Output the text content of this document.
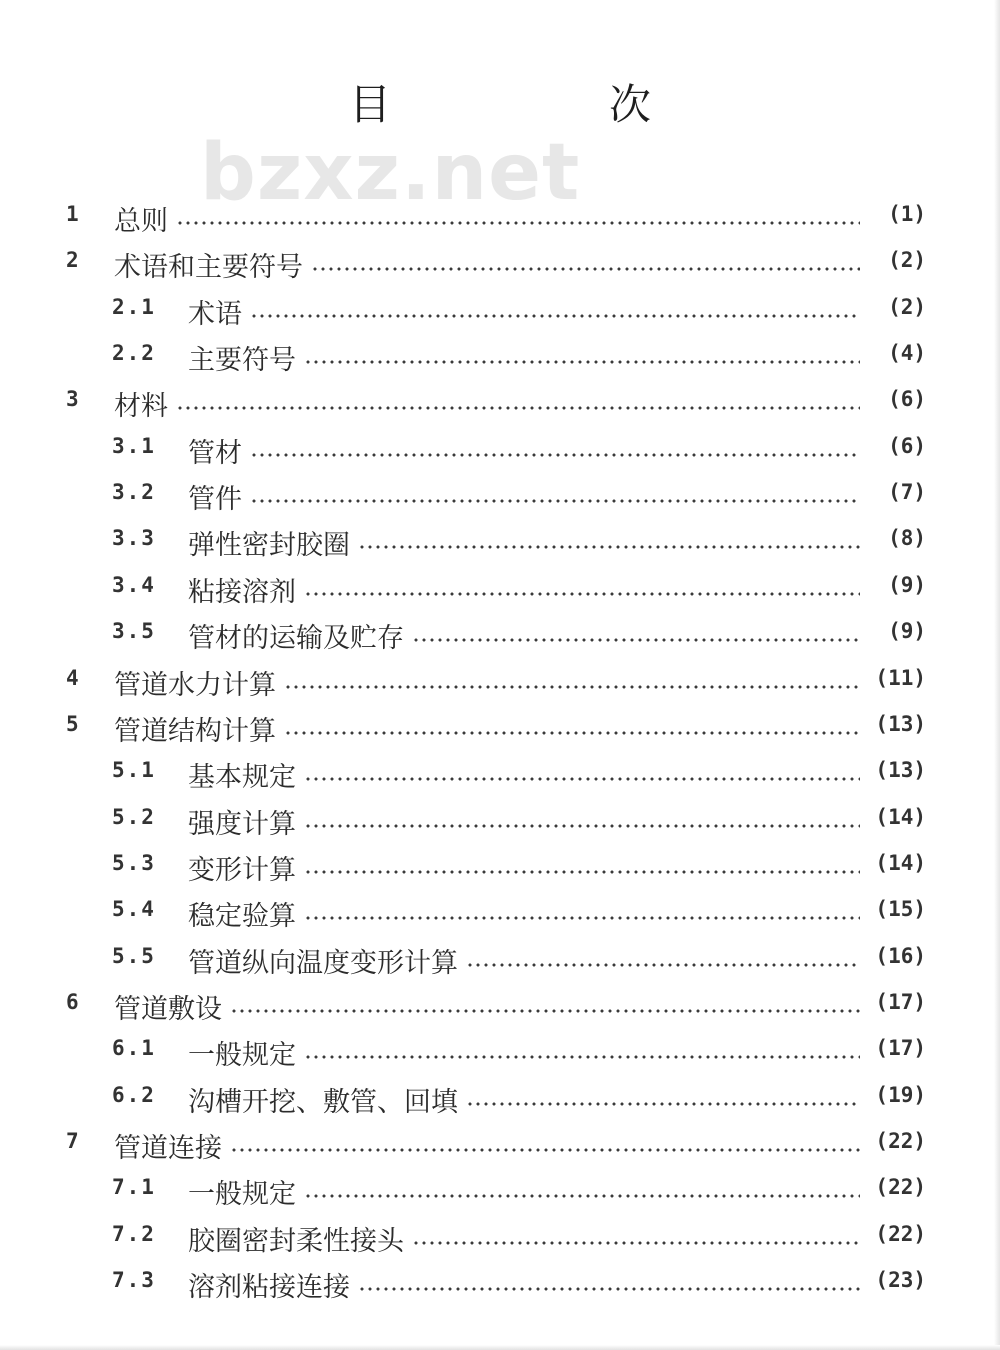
目　次
bzxz.net
1 总则	(1)
2 术语和主要符号	(2)
2.1 术语	(2)
2.2 主要符号	(4)
3 材料	(6)
3.1 管材	(6)
3.2 管件	(7)
3.3 弹性密封胶圈	(8)
3.4 粘接溶剂	(9)
3.5 管材的运输及贮存	(9)
4 管道水力计算	(11)
5 管道结构计算	(13)
5.1 基本规定	(13)
5.2 强度计算	(14)
5.3 变形计算	(14)
5.4 稳定验算	(15)
5.5 管道纵向温度变形计算	(16)
6 管道敷设	(17)
6.1 一般规定	(17)
6.2 沟槽开挖、敷管、回填	(19)
7 管道连接	(22)
7.1 一般规定	(22)
7.2 胶圈密封柔性接头	(22)
7.3 溶剂粘接连接	(23)
